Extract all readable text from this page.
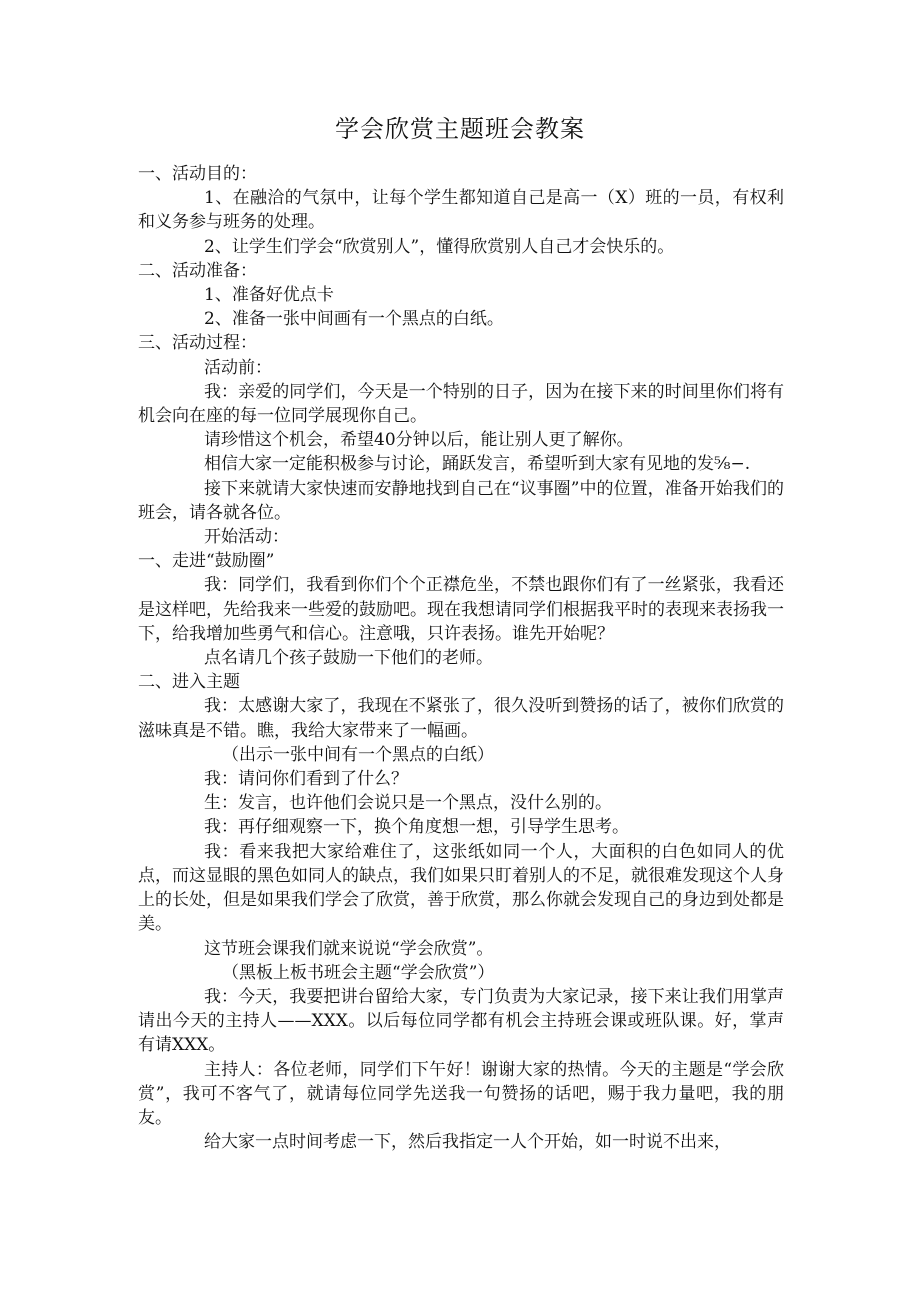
学会欣赏主题班会教案

一、活动目的：

1、在融洽的气氛中，让每个学生都知道自己是高一（X）班的一员，有权利和义务参与班务的处理。

2、让学生们学会“欣赏别人”，懂得欣赏别人自己才会快乐的。

二、活动准备：

1、准备好优点卡

2、准备一张中间画有一个黑点的白纸。

三、活动过程：

活动前：

我：亲爱的同学们，今天是一个特别的日子，因为在接下来的时间里你们将有机会向在座的每一位同学展现你自己。

请珍惜这个机会，希望40分钟以后，能让别人更了解你。

相信大家一定能积极参与讨论，踊跃发言，希望听到大家有见地的发⅝−.

接下来就请大家快速而安静地找到自己在“议事圈”中的位置，准备开始我们的班会，请各就各位。

开始活动：

一、走进“鼓励圈”

我：同学们，我看到你们个个正襟危坐，不禁也跟你们有了一丝紧张，我看还是这样吧，先给我来一些爱的鼓励吧。现在我想请同学们根据我平时的表现来表扬我一下，给我增加些勇气和信心。注意哦，只许表扬。谁先开始呢？

点名请几个孩子鼓励一下他们的老师。

二、进入主题

我：太感谢大家了，我现在不紧张了，很久没听到赞扬的话了，被你们欣赏的滋味真是不错。瞧，我给大家带来了一幅画。

（出示一张中间有一个黑点的白纸）

我：请问你们看到了什么？

生：发言，也许他们会说只是一个黑点，没什么别的。

我：再仔细观察一下，换个角度想一想，引导学生思考。

我：看来我把大家给难住了，这张纸如同一个人，大面积的白色如同人的优点，而这显眼的黑色如同人的缺点，我们如果只盯着别人的不足，就很难发现这个人身上的长处，但是如果我们学会了欣赏，善于欣赏，那么你就会发现自己的身边到处都是美。

这节班会课我们就来说说“学会欣赏”。

（黑板上板书班会主题“学会欣赏”）

我：今天，我要把讲台留给大家，专门负责为大家记录，接下来让我们用掌声请出今天的主持人——XXX。以后每位同学都有机会主持班会课或班队课。好，掌声有请XXX。

主持人：各位老师，同学们下午好！谢谢大家的热情。今天的主题是“学会欣赏”，我可不客气了，就请每位同学先送我一句赞扬的话吧，赐于我力量吧，我的朋友。

给大家一点时间考虑一下，然后我指定一人个开始，如一时说不出来，
